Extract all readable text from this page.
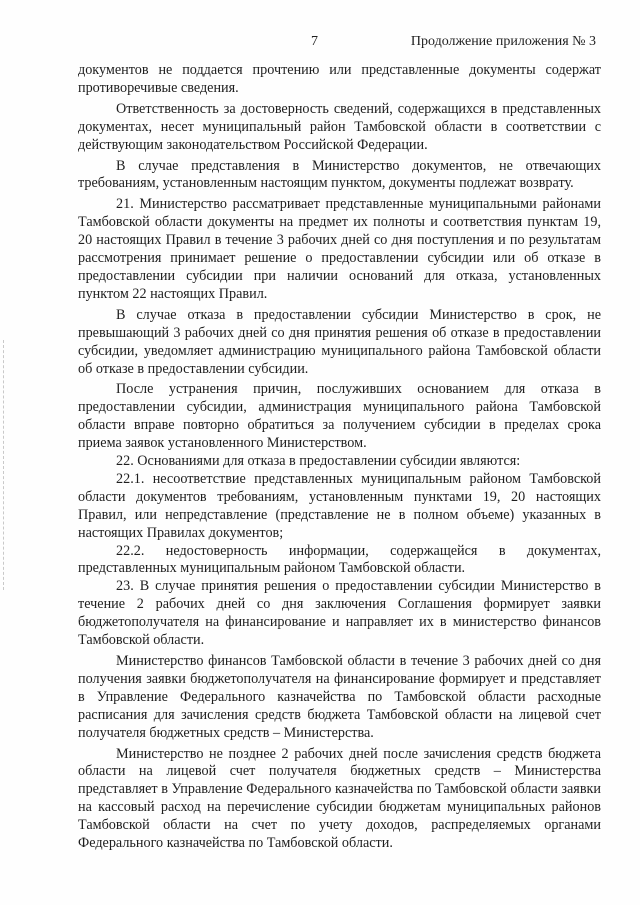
7	Продолжение приложения № 3

документов не поддается прочтению или представленные документы содержат противоречивые сведения.

Ответственность за достоверность сведений, содержащихся в представленных документах, несет муниципальный район Тамбовской области в соответствии с действующим законодательством Российской Федерации.

В случае представления в Министерство документов, не отвечающих требованиям, установленным настоящим пунктом, документы подлежат возврату.

21. Министерство рассматривает представленные муниципальными районами Тамбовской области документы на предмет их полноты и соответствия пунктам 19, 20 настоящих Правил в течение 3 рабочих дней со дня поступления и по результатам рассмотрения принимает решение о предоставлении субсидии или об отказе в предоставлении субсидии при наличии оснований для отказа, установленных пунктом 22 настоящих Правил.

В случае отказа в предоставлении субсидии Министерство в срок, не превышающий 3 рабочих дней со дня принятия решения об отказе в предоставлении субсидии, уведомляет администрацию муниципального района Тамбовской области об отказе в предоставлении субсидии.

После устранения причин, послуживших основанием для отказа в предоставлении субсидии, администрация муниципального района Тамбовской области вправе повторно обратиться за получением субсидии в пределах срока приема заявок установленного Министерством.

22. Основаниями для отказа в предоставлении субсидии являются:

22.1. несоответствие представленных муниципальным районом Тамбовской области документов требованиям, установленным пунктами 19, 20 настоящих Правил, или непредставление (представление не в полном объеме) указанных в настоящих Правилах документов;

22.2. недостоверность информации, содержащейся в документах, представленных муниципальным районом Тамбовской области.

23. В случае принятия решения о предоставлении субсидии Министерство в течение 2 рабочих дней со дня заключения Соглашения формирует заявки бюджетополучателя на финансирование и направляет их в министерство финансов Тамбовской области.

Министерство финансов Тамбовской области в течение 3 рабочих дней со дня получения заявки бюджетополучателя на финансирование формирует и представляет в Управление Федерального казначейства по Тамбовской области расходные расписания для зачисления средств бюджета Тамбовской области на лицевой счет получателя бюджетных средств – Министерства.

Министерство не позднее 2 рабочих дней после зачисления средств бюджета области на лицевой счет получателя бюджетных средств – Министерства представляет в Управление Федерального казначейства по Тамбовской области заявки на кассовый расход на перечисление субсидии бюджетам муниципальных районов Тамбовской области на счет по учету доходов, распределяемых органами Федерального казначейства по Тамбовской области.
